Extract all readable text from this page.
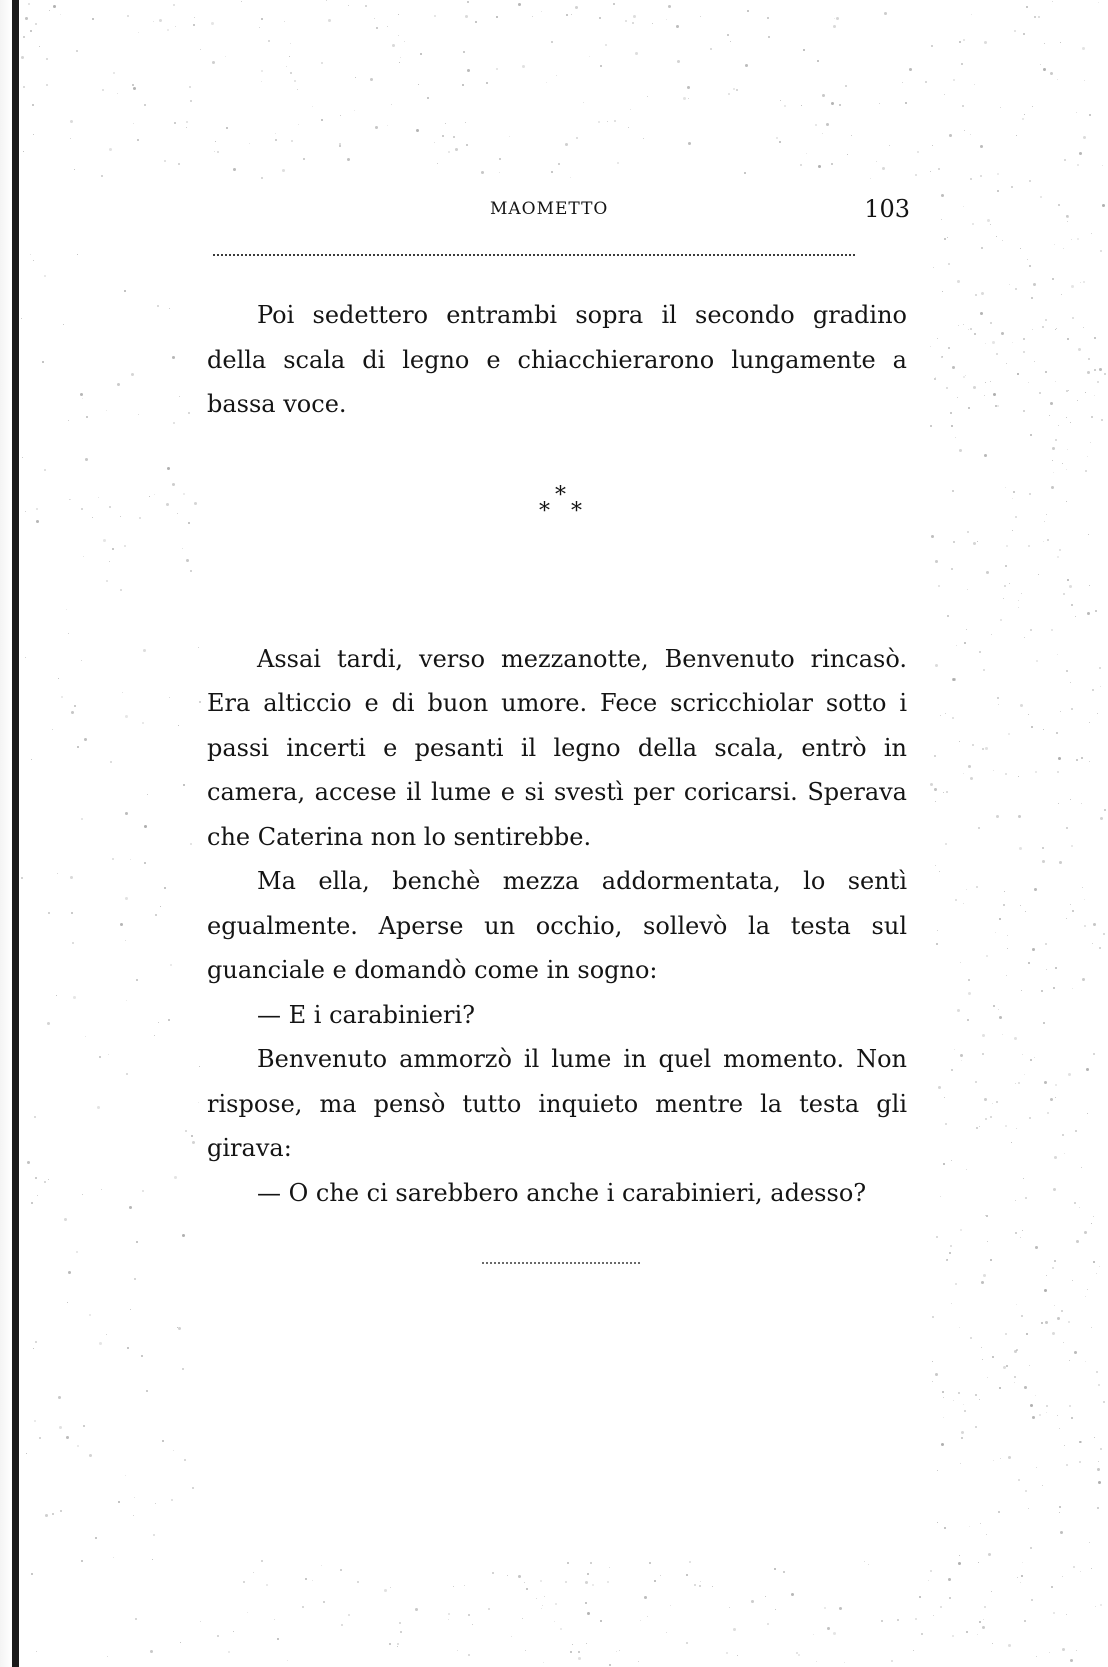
MAOMETTO	103

Poi sedettero entrambi sopra il secondo gradino della scala di legno e chiacchierarono lungamente a bassa voce.

*
* *

Assai tardi, verso mezzanotte, Benvenuto rincasò. Era alticcio e di buon umore. Fece scricchiolar sotto i passi incerti e pesanti il legno della scala, entrò in camera, accese il lume e si svestì per coricarsi. Sperava che Caterina non lo sentirebbe.

Ma ella, benchè mezza addormentata, lo sentì egualmente. Aperse un occhio, sollevò la testa sul guanciale e domandò come in sogno:

— E i carabinieri?

Benvenuto ammorzò il lume in quel momento. Non rispose, ma pensò tutto inquieto mentre la testa gli girava:

— O che ci sarebbero anche i carabinieri, adesso?
